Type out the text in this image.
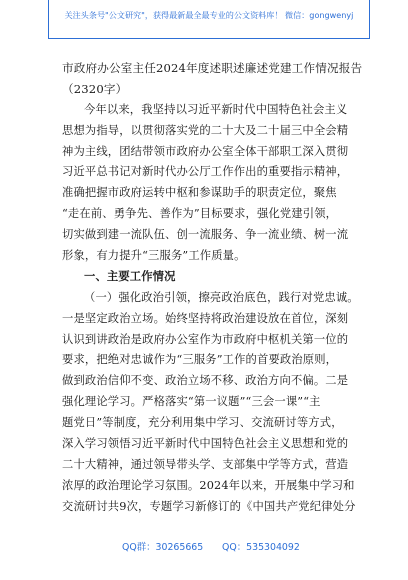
关注头条号"公文研究"，获得最新最全最专业的公文资料库！ 微信：gongwenyj
市政府办公室主任2024年度述职述廉述党建工作情况报告
（2320字）
今年以来，我坚持以习近平新时代中国特色社会主义
思想为指导，以贯彻落实党的二十大及二十届三中全会精
神为主线，团结带领市政府办公室全体干部职工深入贯彻
习近平总书记对新时代办公厅工作作出的重要指示精神，
准确把握市政府运转中枢和参谋助手的职责定位，聚焦
“走在前、勇争先、善作为”目标要求，强化党建引领，
切实做到建一流队伍、创一流服务、争一流业绩、树一流
形象，有力提升“三服务”工作质量。
一、主要工作情况
（一）强化政治引领，擦亮政治底色，践行对党忠诚。
一是坚定政治立场。始终坚持将政治建设放在首位，深刻
认识到讲政治是政府办公室作为市政府中枢机关第一位的
要求，把绝对忠诚作为“三服务”工作的首要政治原则，
做到政治信仰不变、政治立场不移、政治方向不偏。二是
强化理论学习。严格落实“第一议题”“三会一课”“主
题党日”等制度，充分利用集中学习、交流研讨等方式，
深入学习领悟习近平新时代中国特色社会主义思想和党的
二十大精神，通过领导带头学、支部集中学等方式，营造
浓厚的政治理论学习氛围。2024年以来，开展集中学习和
交流研讨共9次，专题学习新修订的《中国共产党纪律处分
QQ群：30265665 QQ：535304092
